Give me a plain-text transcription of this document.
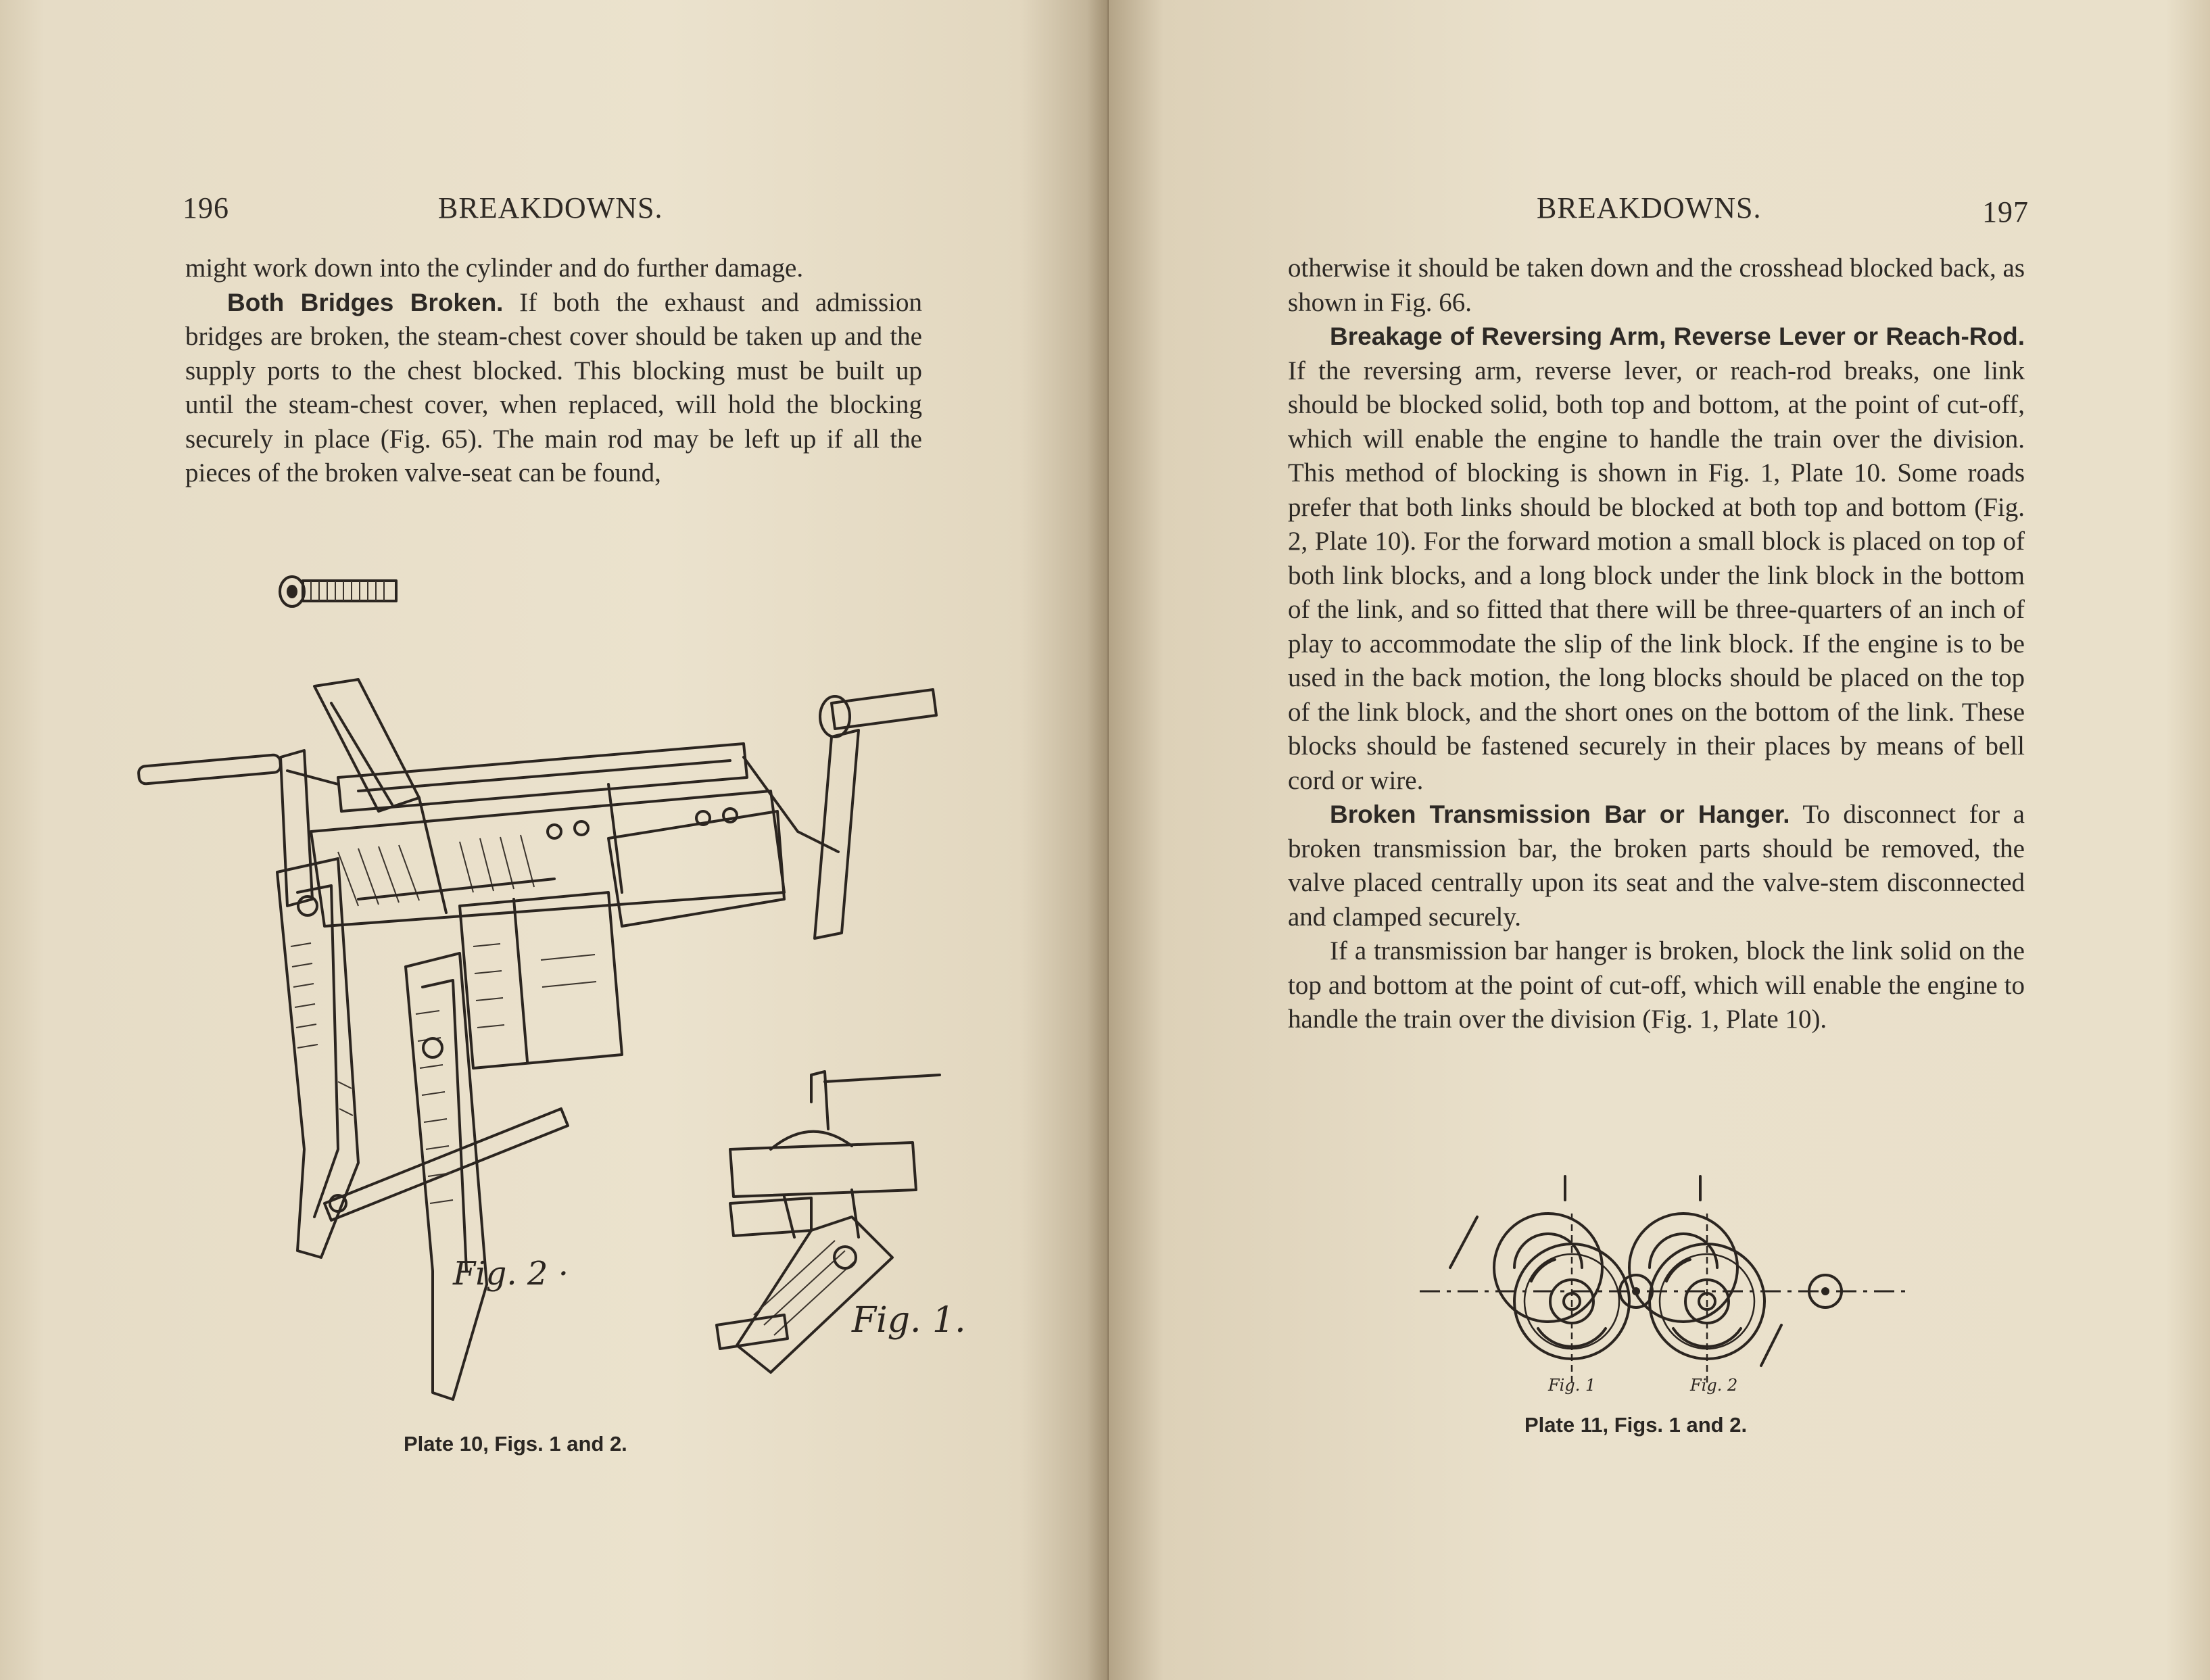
196	BREAKDOWNS.

might work down into the cylinder and do further damage.

Both Bridges Broken. If both the exhaust and admission bridges are broken, the steam-chest cover should be taken up and the supply ports to the chest blocked. This blocking must be built up until the steam-chest cover, when replaced, will hold the blocking securely in place (Fig. 65). The main rod may be left up if all the pieces of the broken valve-seat can be found,

Fig. 2 ·
Fig. 1.
Plate 10, Figs. 1 and 2.
BREAKDOWNS.	197

otherwise it should be taken down and the crosshead blocked back, as shown in Fig. 66.

Breakage of Reversing Arm, Reverse Lever or Reach-Rod. If the reversing arm, reverse lever, or reach-rod breaks, one link should be blocked solid, both top and bottom, at the point of cut-off, which will enable the engine to handle the train over the division. This method of blocking is shown in Fig. 1, Plate 10. Some roads prefer that both links should be blocked at both top and bottom (Fig. 2, Plate 10). For the forward motion a small block is placed on top of both link blocks, and a long block under the link block in the bottom of the link, and so fitted that there will be three-quarters of an inch of play to accommodate the slip of the link block. If the engine is to be used in the back motion, the long blocks should be placed on the top of the link block, and the short ones on the bottom of the link. These blocks should be fastened securely in their places by means of bell cord or wire.

Broken Transmission Bar or Hanger. To disconnect for a broken transmission bar, the broken parts should be removed, the valve placed centrally upon its seat and the valve-stem disconnected and clamped securely.

If a transmission bar hanger is broken, block the link solid on the top and bottom at the point of cut-off, which will enable the engine to handle the train over the division (Fig. 1, Plate 10).

Fig. 1	Fig. 2
Plate 11, Figs. 1 and 2.
